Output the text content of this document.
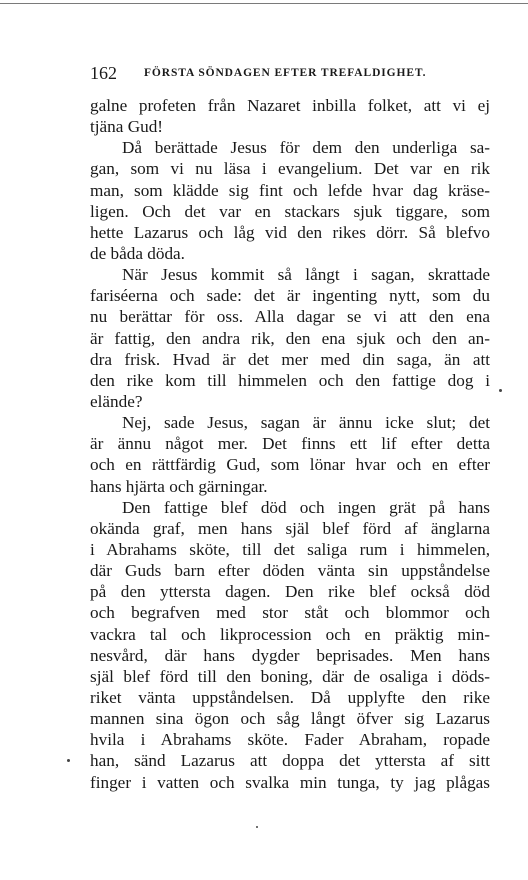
162 FÖRSTA SÖNDAGEN EFTER TREFALDIGHET.
galne profeten från Nazaret inbilla folket, att vi ej
tjäna Gud!
Då berättade Jesus för dem den underliga sa-
gan, som vi nu läsa i evangelium. Det var en rik
man, som klädde sig fint och lefde hvar dag kräse-
ligen. Och det var en stackars sjuk tiggare, som
hette Lazarus och låg vid den rikes dörr. Så blefvo
de båda döda.
När Jesus kommit så långt i sagan, skrattade
fariséerna och sade: det är ingenting nytt, som du
nu berättar för oss. Alla dagar se vi att den ena
är fattig, den andra rik, den ena sjuk och den an-
dra frisk. Hvad är det mer med din saga, än att
den rike kom till himmelen och den fattige dog i
elände?
Nej, sade Jesus, sagan är ännu icke slut; det
är ännu något mer. Det finns ett lif efter detta
och en rättfärdig Gud, som lönar hvar och en efter
hans hjärta och gärningar.
Den fattige blef död och ingen grät på hans
okända graf, men hans själ blef förd af änglarna
i Abrahams sköte, till det saliga rum i himmelen,
där Guds barn efter döden vänta sin uppståndelse
på den yttersta dagen. Den rike blef också död
och begrafven med stor ståt och blommor och
vackra tal och likprocession och en präktig min-
nesvård, där hans dygder beprisades. Men hans
själ blef förd till den boning, där de osaliga i döds-
riket vänta uppståndelsen. Då upplyfte den rike
mannen sina ögon och såg långt öfver sig Lazarus
hvila i Abrahams sköte. Fader Abraham, ropade
han, sänd Lazarus att doppa det yttersta af sitt
finger i vatten och svalka min tunga, ty jag plågas
